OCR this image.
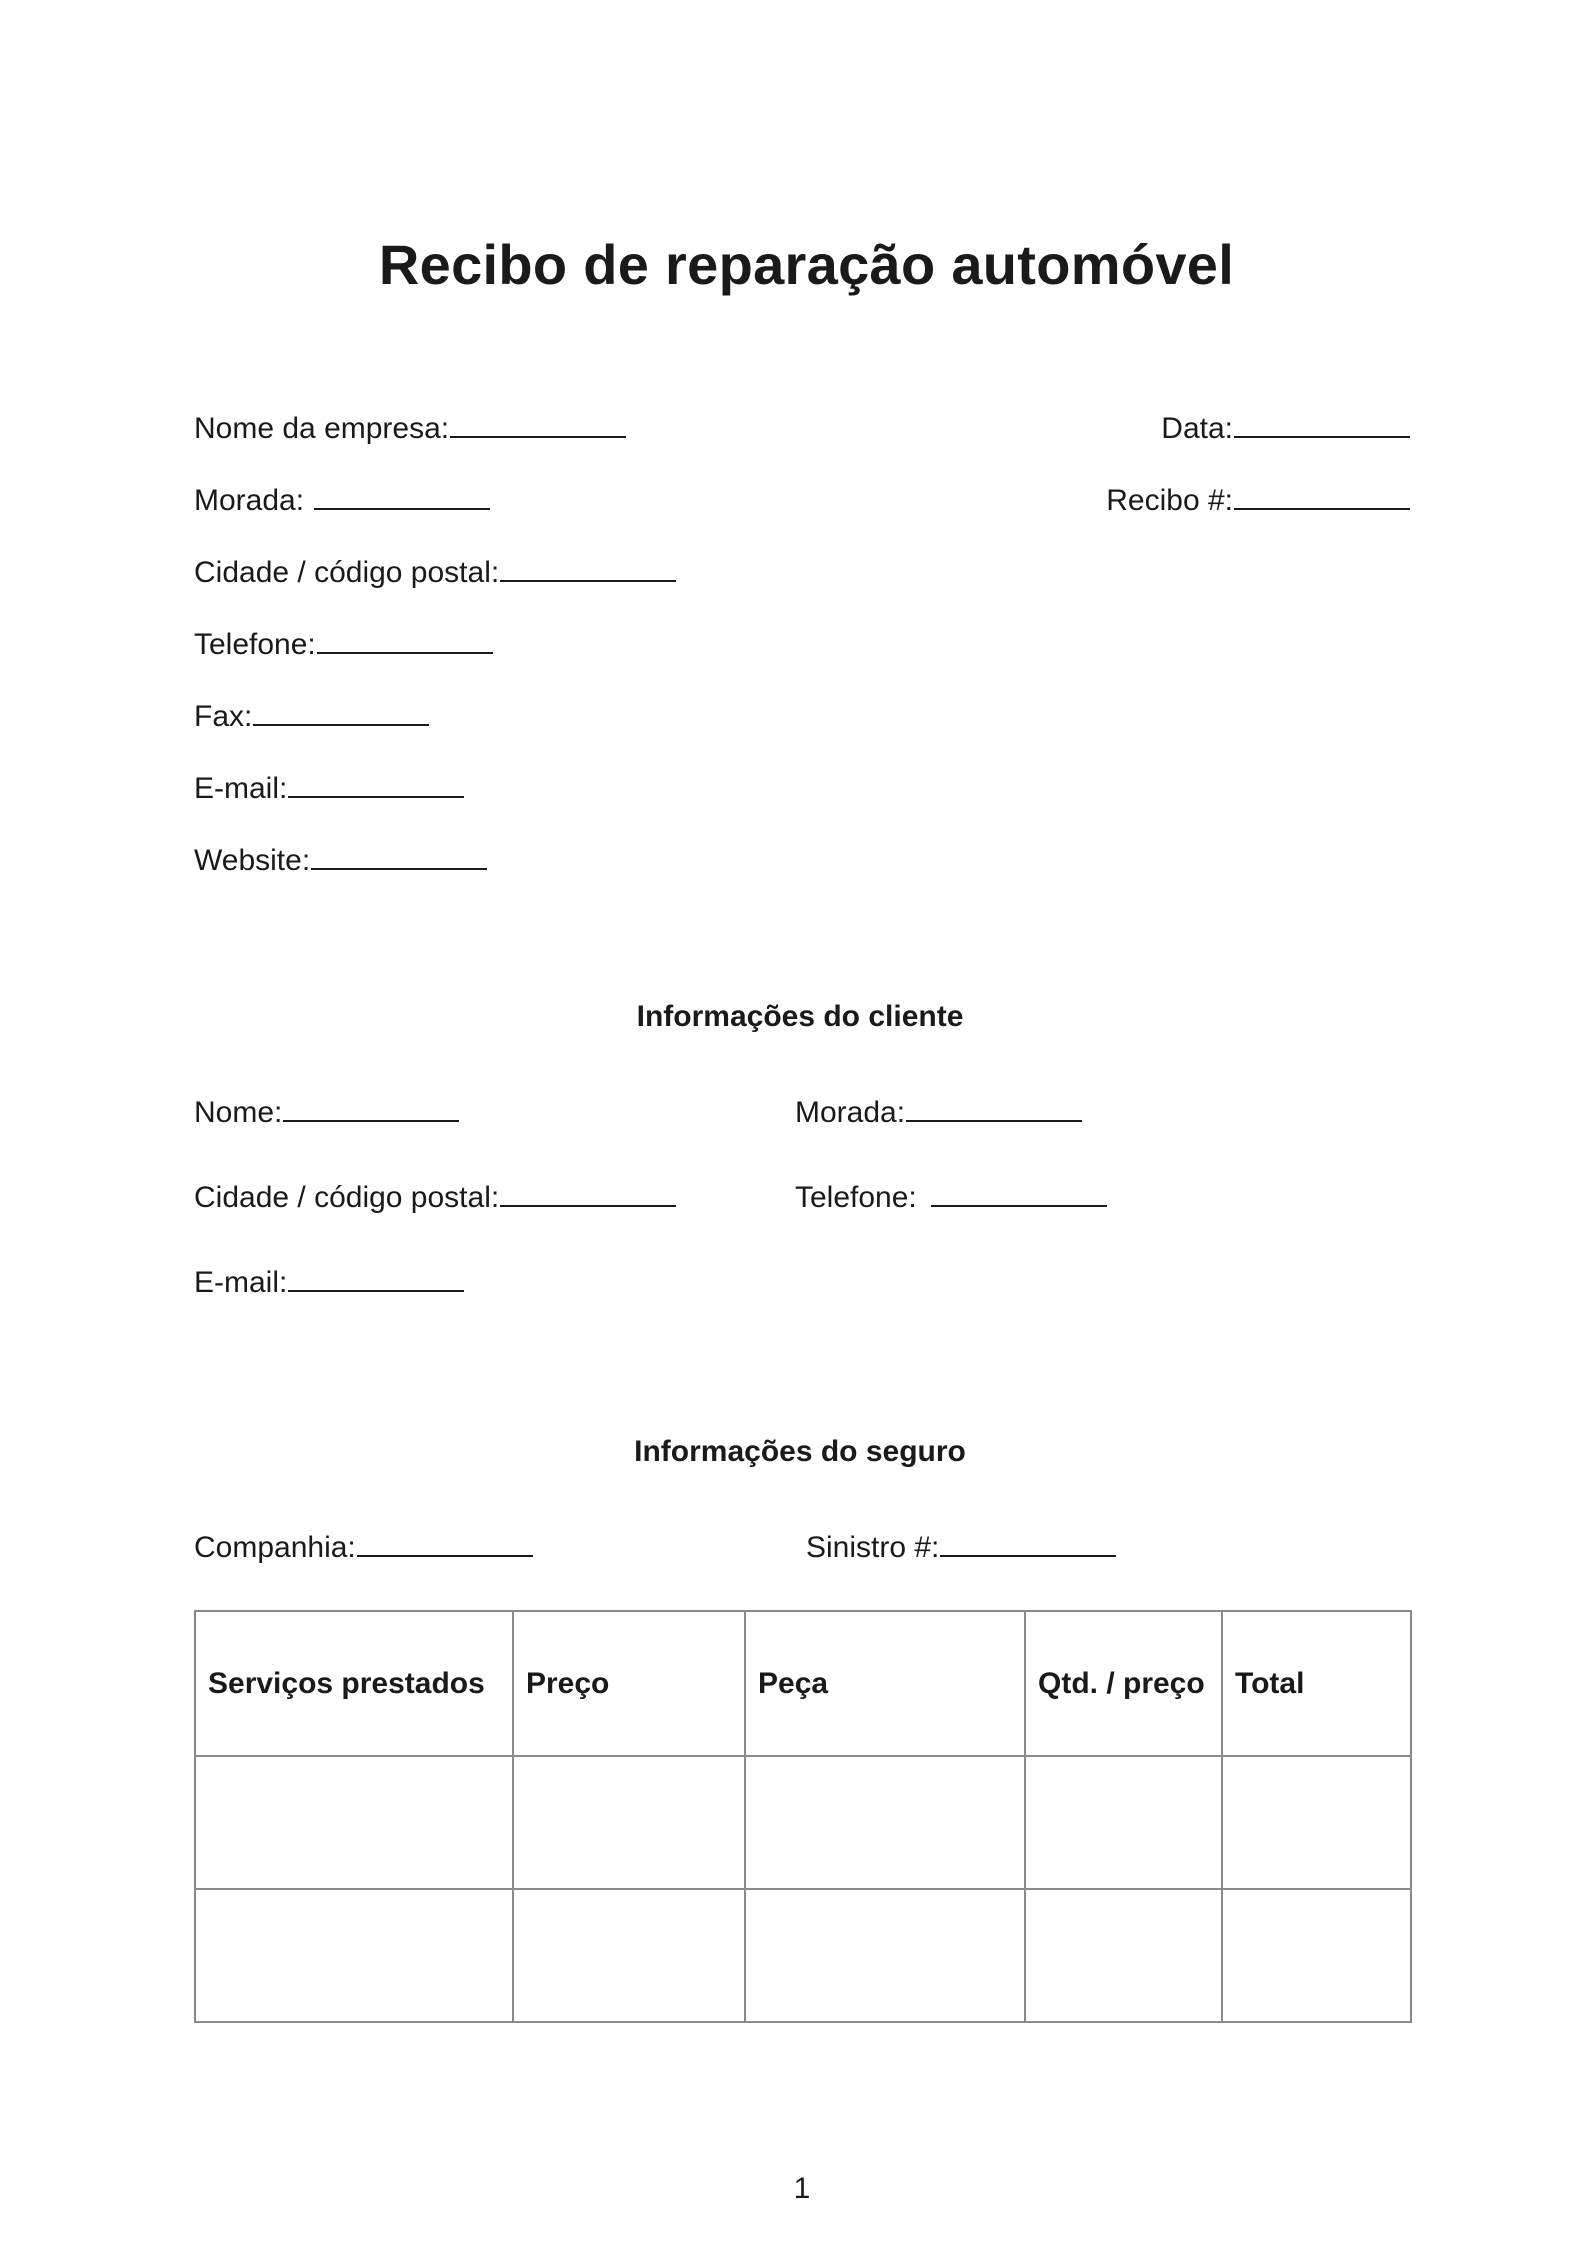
Recibo de reparação automóvel
Nome da empresa:
Morada:
Cidade / código postal:
Telefone:
Fax:
E-mail:
Website:
Data:
Recibo #:
Informações do cliente
Nome:	Morada:
Cidade / código postal:	Telefone:
E-mail:
Informações do seguro
Companhia:	Sinistro #:
Serviços prestados	Preço	Peça	Qtd. / preço	Total

1
